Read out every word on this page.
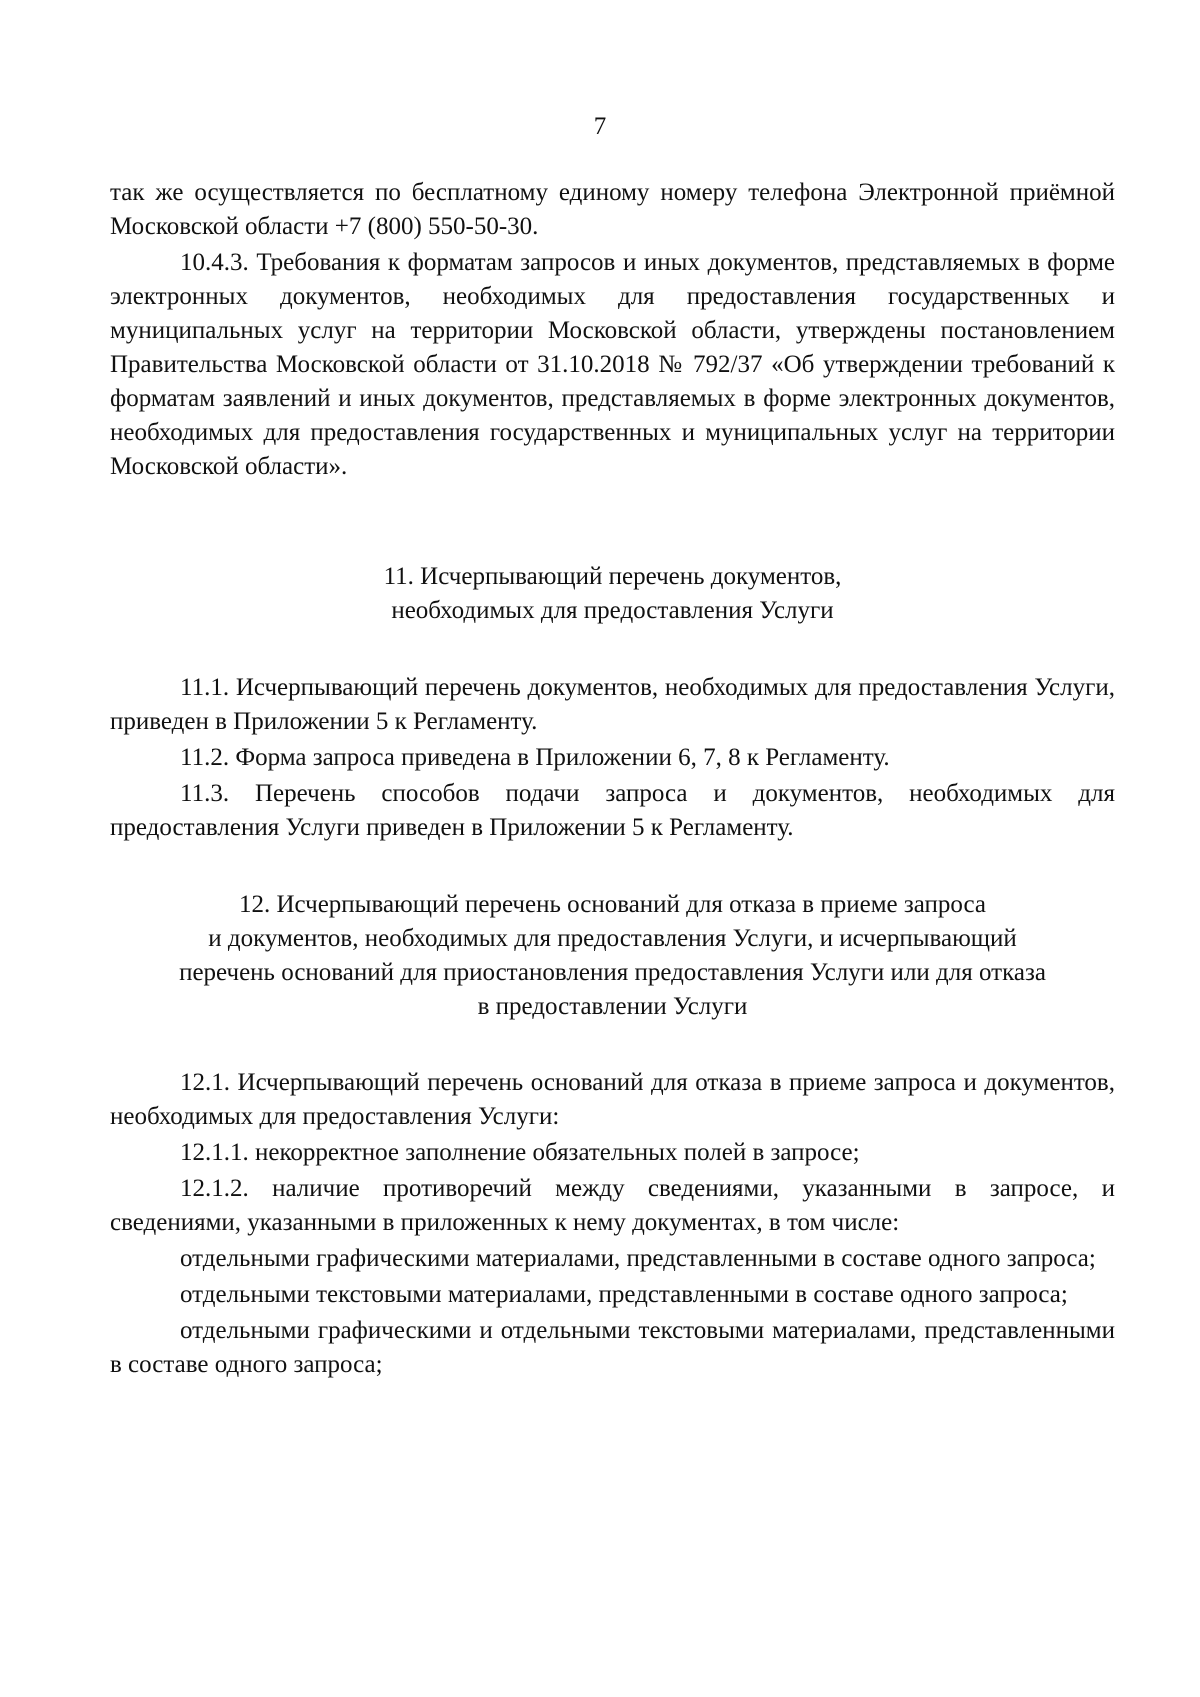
7

так же осуществляется по бесплатному единому номеру телефона Электронной приёмной Московской области +7 (800) 550-50-30.

10.4.3. Требования к форматам запросов и иных документов, представляемых в форме электронных документов, необходимых для предоставления государственных и муниципальных услуг на территории Московской области, утверждены постановлением Правительства Московской области от 31.10.2018 № 792/37 «Об утверждении требований к форматам заявлений и иных документов, представляемых в форме электронных документов, необходимых для предоставления государственных и муниципальных услуг на территории Московской области».

11. Исчерпывающий перечень документов,
необходимых для предоставления Услуги

11.1. Исчерпывающий перечень документов, необходимых для предоставления Услуги, приведен в Приложении 5 к Регламенту.

11.2. Форма запроса приведена в Приложении 6, 7, 8 к Регламенту.

11.3. Перечень способов подачи запроса и документов, необходимых для предоставления Услуги приведен в Приложении 5 к Регламенту.

12. Исчерпывающий перечень оснований для отказа в приеме запроса
и документов, необходимых для предоставления Услуги, и исчерпывающий
перечень оснований для приостановления предоставления Услуги или для отказа
в предоставлении Услуги

12.1. Исчерпывающий перечень оснований для отказа в приеме запроса и документов, необходимых для предоставления Услуги:

12.1.1. некорректное заполнение обязательных полей в запросе;

12.1.2. наличие противоречий между сведениями, указанными в запросе, и сведениями, указанными в приложенных к нему документах, в том числе:

отдельными графическими материалами, представленными в составе одного запроса;

отдельными текстовыми материалами, представленными в составе одного запроса;

отдельными графическими и отдельными текстовыми материалами, представленными в составе одного запроса;
